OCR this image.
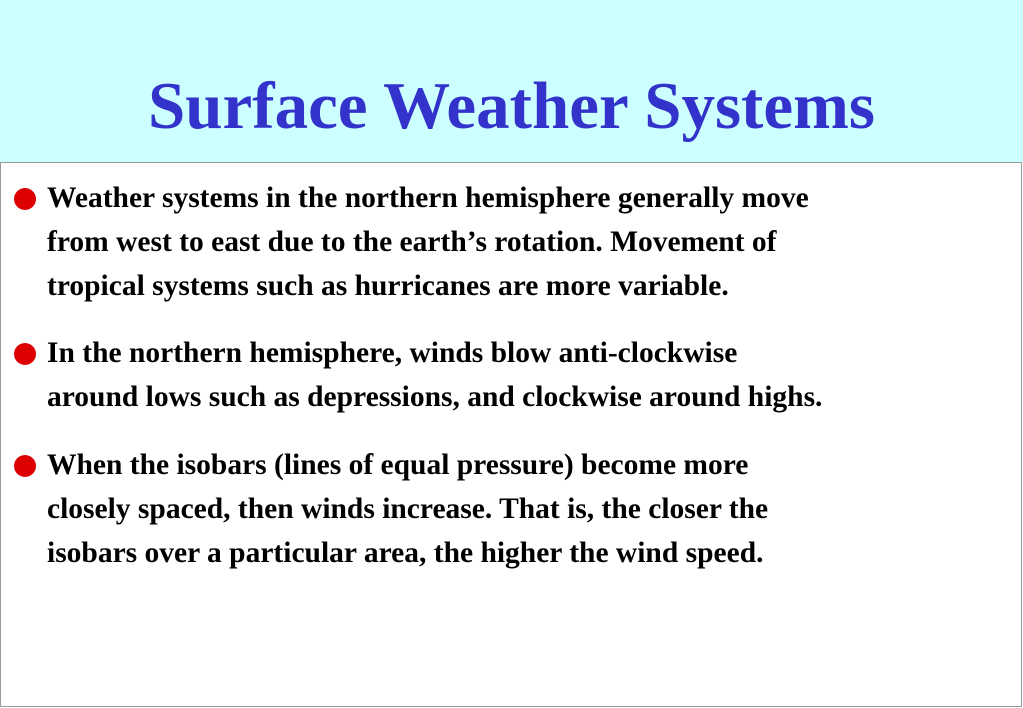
Surface Weather Systems

Weather systems in the northern hemisphere generally move
from west to east due to the earth’s rotation. Movement of
tropical systems such as hurricanes are more variable.

In the northern hemisphere, winds blow anti-clockwise
around lows such as depressions, and clockwise around highs.

When the isobars (lines of equal pressure) become more
closely spaced, then winds increase. That is, the closer the
isobars over a particular area, the higher the wind speed.
